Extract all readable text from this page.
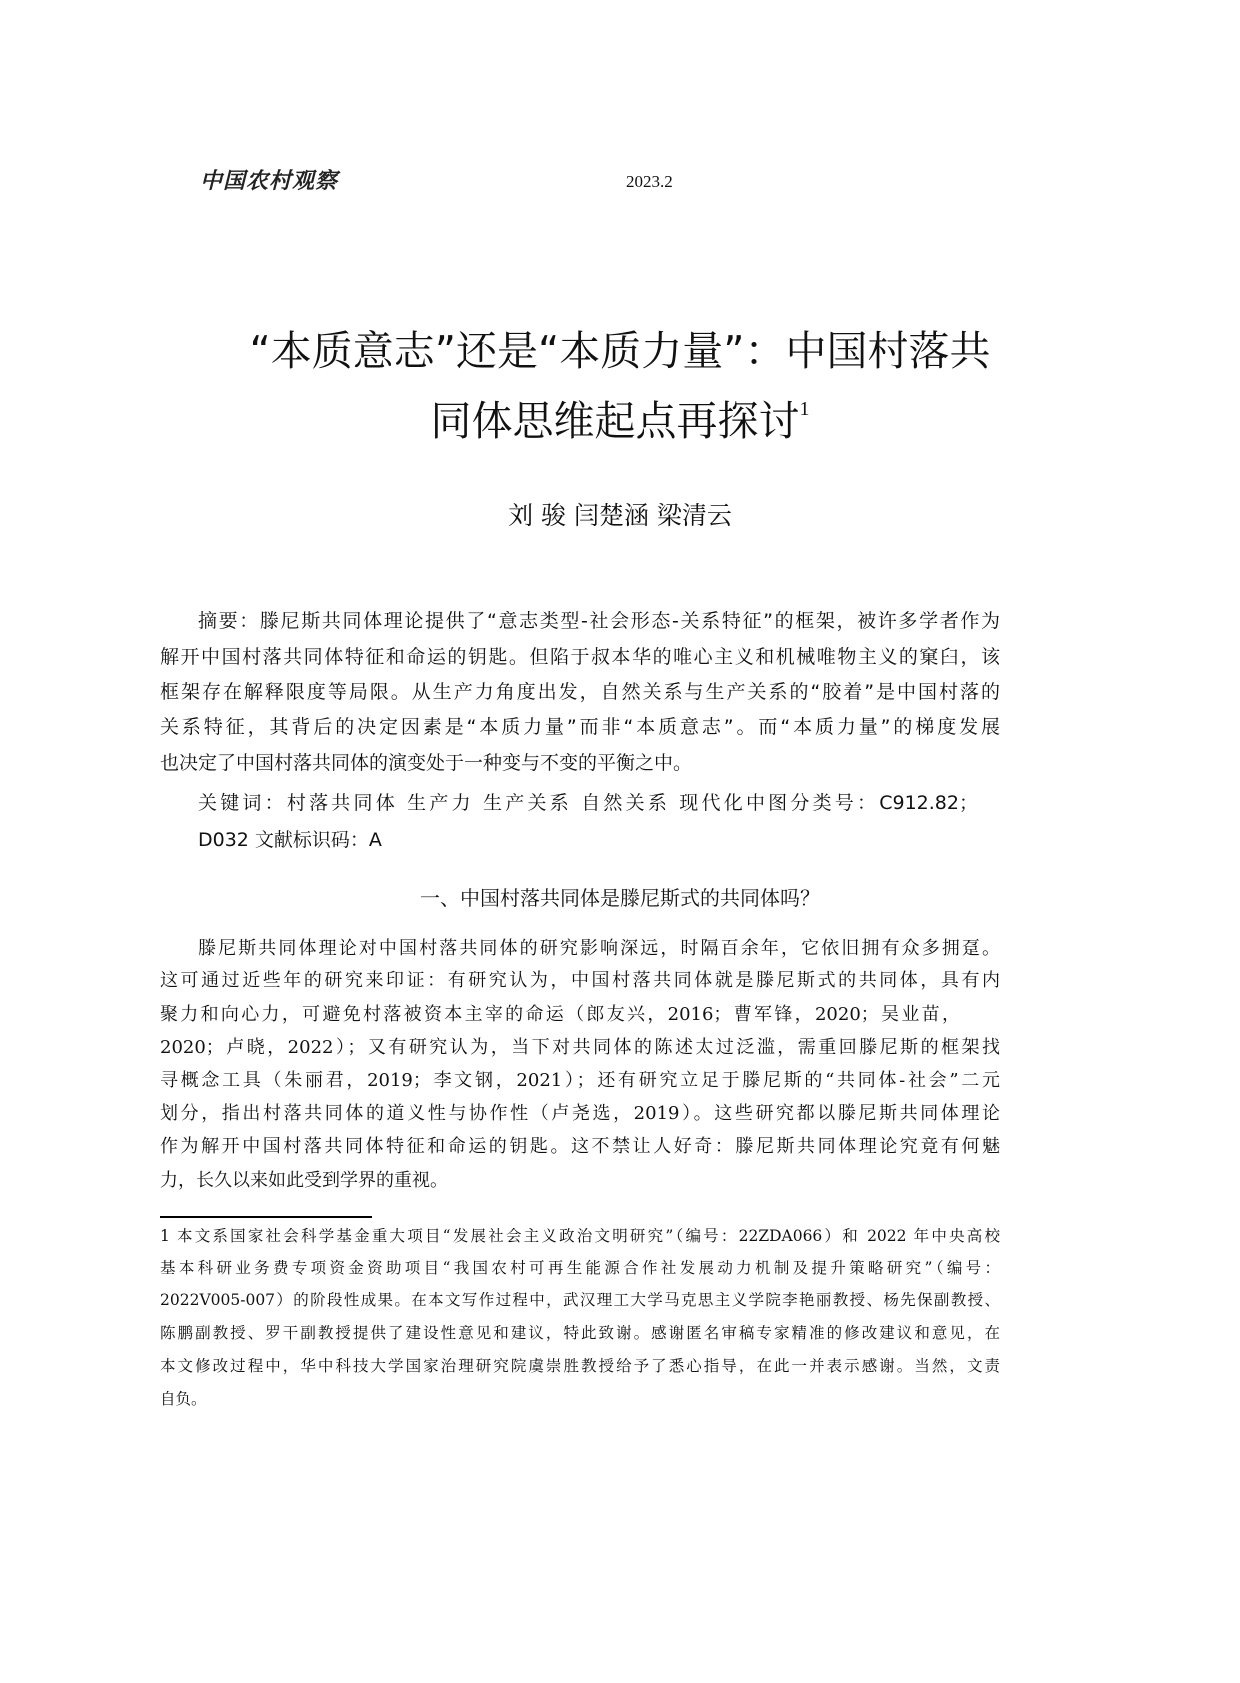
中国农村观察	2023.2
“本质意志”还是“本质力量”：中国村落共
同体思维起点再探讨$^1$
刘 骏 闫楚涵 梁清云
摘要：滕尼斯共同体理论提供了“意志类型-社会形态-关系特征”的框架，被许多学者作为
解开中国村落共同体特征和命运的钥匙。但陷于叔本华的唯心主义和机械唯物主义的窠臼，该
框架存在解释限度等局限。从生产力角度出发，自然关系与生产关系的“胶着”是中国村落的
关系特征，其背后的决定因素是“本质力量”而非“本质意志”。而“本质力量”的梯度发展
也决定了中国村落共同体的演变处于一种变与不变的平衡之中。
关键词：村落共同体 生产力 生产关系 自然关系 现代化中图分类号：C912.82；
D032 文献标识码：A
一、中国村落共同体是滕尼斯式的共同体吗？
滕尼斯共同体理论对中国村落共同体的研究影响深远，时隔百余年，它依旧拥有众多拥趸。
这可通过近些年的研究来印证：有研究认为，中国村落共同体就是滕尼斯式的共同体，具有内
聚力和向心力，可避免村落被资本主宰的命运（郎友兴，2016；曹军锋，2020；吴业苗，
2020；卢晓，2022）；又有研究认为，当下对共同体的陈述太过泛滥，需重回滕尼斯的框架找
寻概念工具（朱丽君，2019；李文钢，2021）；还有研究立足于滕尼斯的“共同体-社会”二元
划分，指出村落共同体的道义性与协作性（卢尧选，2019）。这些研究都以滕尼斯共同体理论
作为解开中国村落共同体特征和命运的钥匙。这不禁让人好奇：滕尼斯共同体理论究竟有何魅
力，长久以来如此受到学界的重视。
1 本文系国家社会科学基金重大项目“发展社会主义政治文明研究”（编号：22ZDA066）和 2022 年中央高校
基本科研业务费专项资金资助项目“我国农村可再生能源合作社发展动力机制及提升策略研究”（编号：
2022V005-007）的阶段性成果。在本文写作过程中，武汉理工大学马克思主义学院李艳丽教授、杨先保副教授、
陈鹏副教授、罗干副教授提供了建设性意见和建议，特此致谢。感谢匿名审稿专家精准的修改建议和意见，在
本文修改过程中，华中科技大学国家治理研究院虞崇胜教授给予了悉心指导，在此一并表示感谢。当然，文责
自负。
